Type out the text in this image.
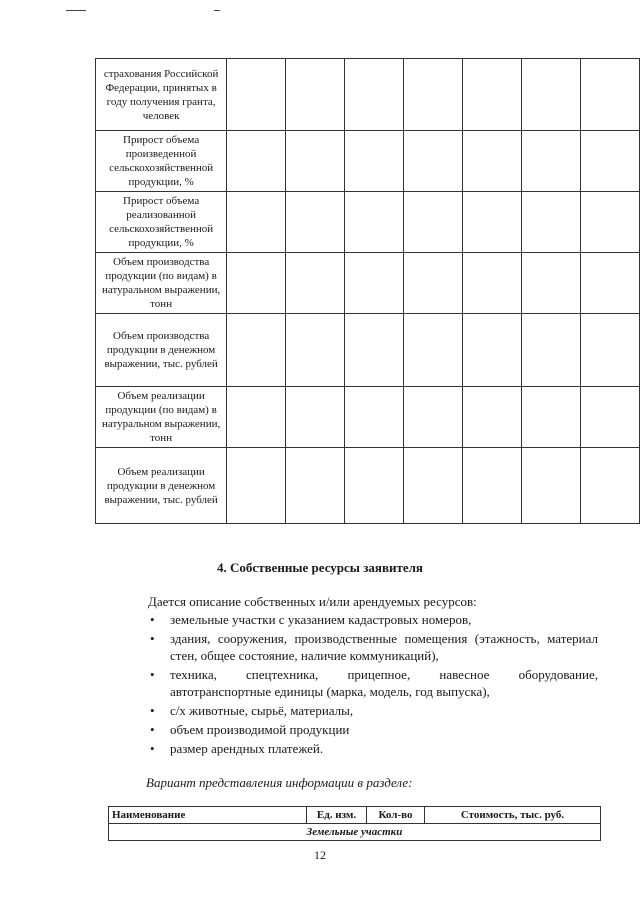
страхования Российской Федерации, принятых в году получения гранта, человек							
Прирост объема произведенной сельскохозяйственной продукции, %							
Прирост объема реализованной сельскохозяйственной продукции, %							
Объем производства продукции (по видам) в натуральном выражении, тонн							
Объем производства продукции в денежном выражении, тыс. рублей							
Объем реализации продукции (по видам) в натуральном выражении, тонн							
Объем реализации продукции в денежном выражении, тыс. рублей							
4. Собственные ресурсы заявителя
Дается описание собственных и/или арендуемых ресурсов:
• земельные участки с указанием кадастровых номеров,
• здания, сооружения, производственные помещения (этажность, материал стен, общее состояние, наличие коммуникаций),
• техника, спецтехника, прицепное, навесное оборудование, автотранспортные единицы (марка, модель, год выпуска),
• с/х животные, сырьё, материалы,
• объем производимой продукции
• размер арендных платежей.
Вариант представления информации в разделе:
Наименование	Ед. изм.	Кол-во	Стоимость, тыс. руб.
Земельные участки
12
